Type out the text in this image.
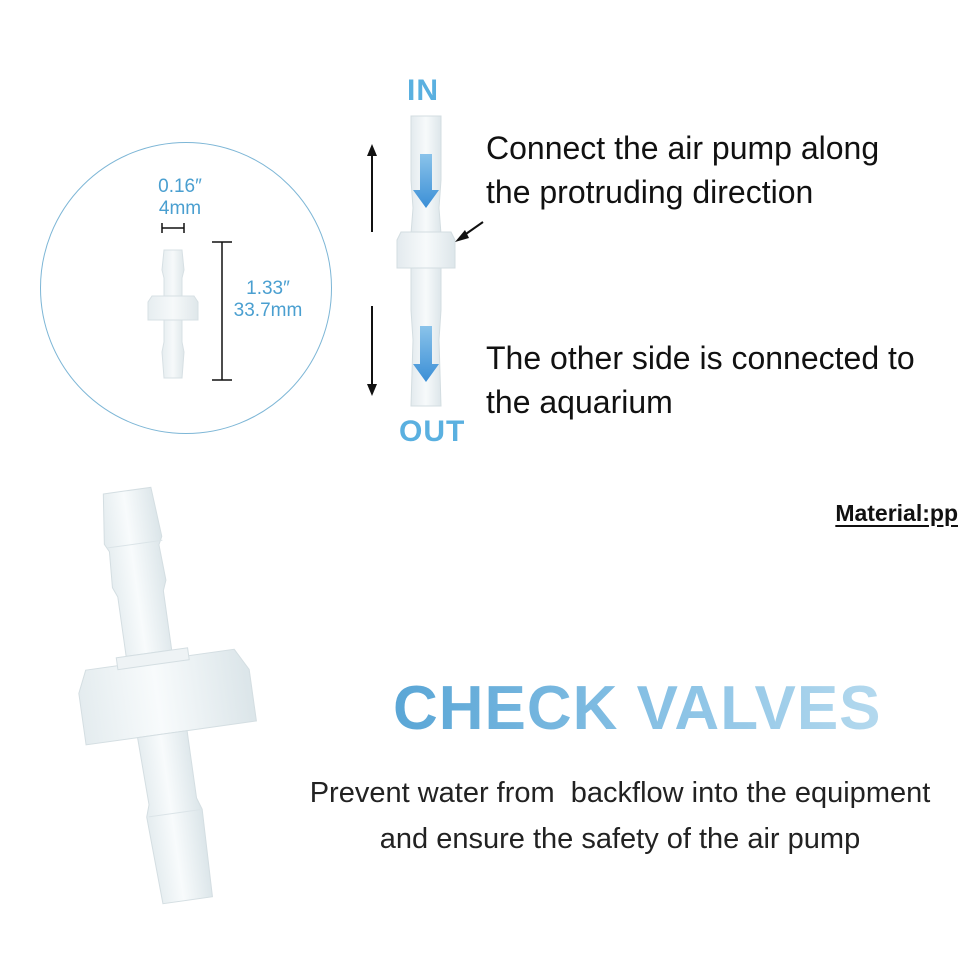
0.16″
4mm
1.33″
33.7mm
IN
OUT
Connect the air pump along
the protruding direction
The other side is connected to
the aquarium
Material:pp
CHECK VALVES
Prevent water from  backflow into the equipment
and ensure the safety of the air pump
